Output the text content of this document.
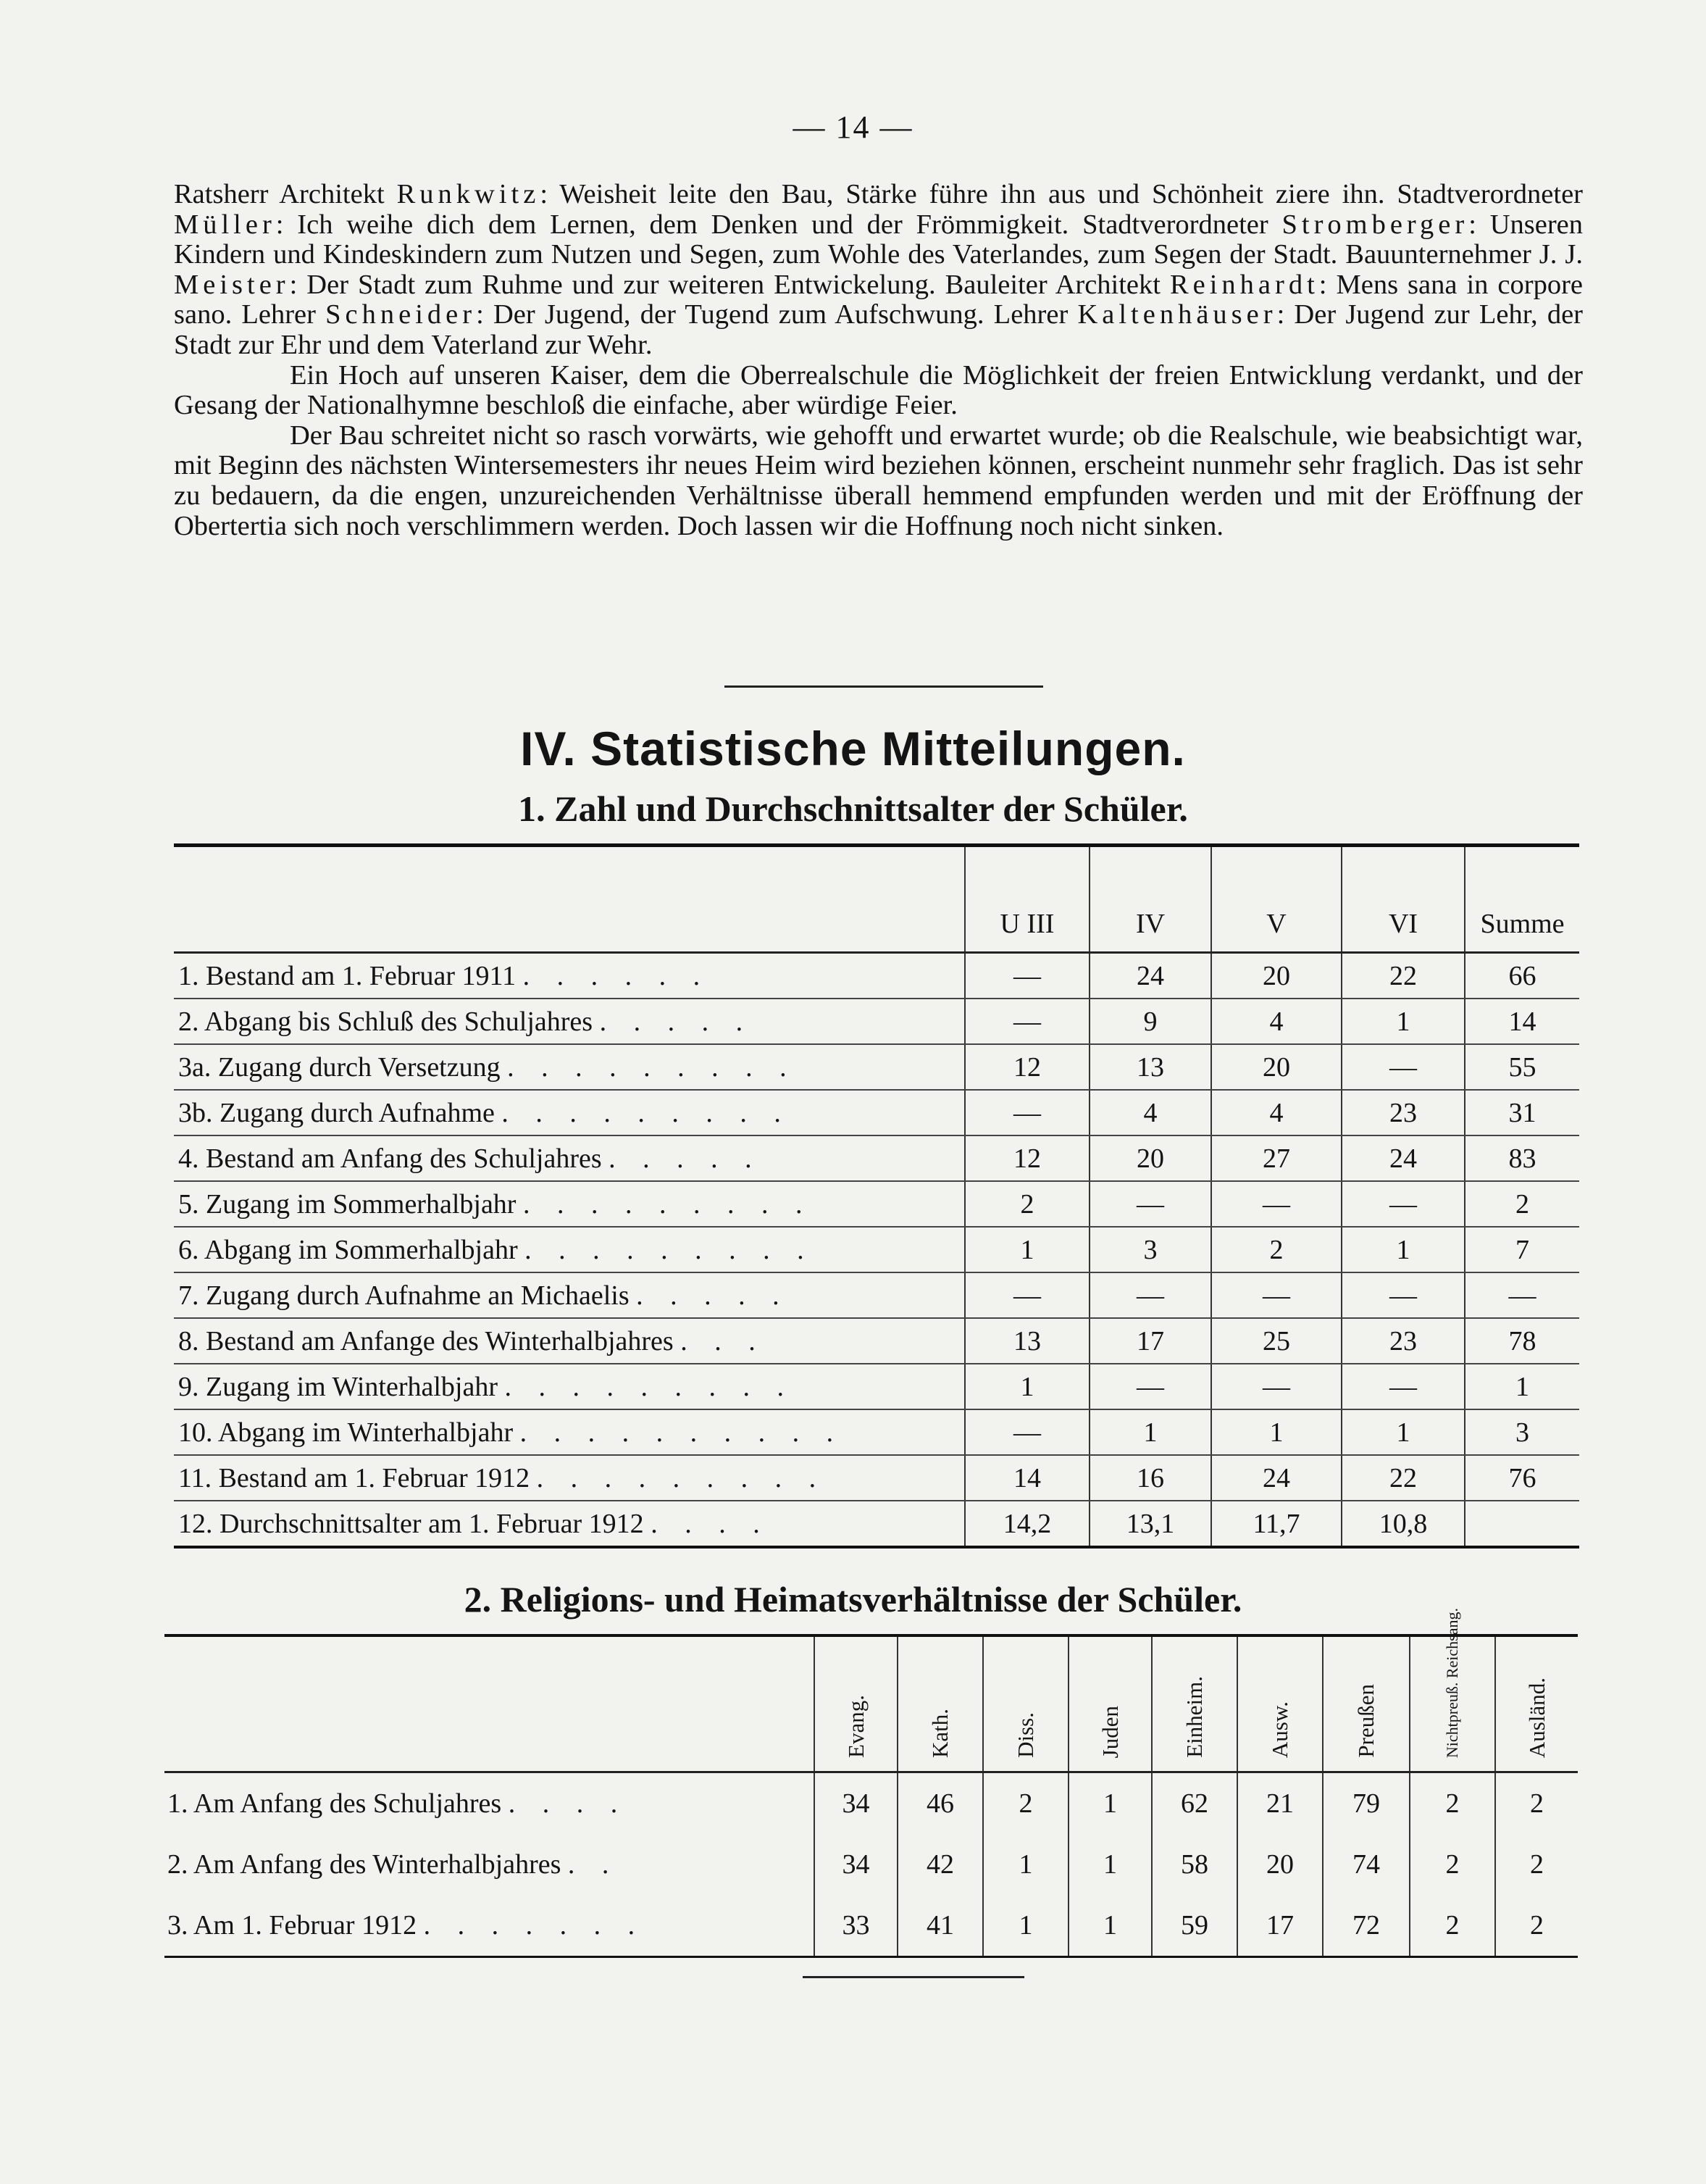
— 14 —

Ratsherr Architekt Runkwitz: Weisheit leite den Bau, Stärke führe ihn aus und Schönheit ziere ihn. Stadtverordneter Müller: Ich weihe dich dem Lernen, dem Denken und der Frömmigkeit. Stadtverordneter Stromberger: Unseren Kindern und Kindeskindern zum Nutzen und Segen, zum Wohle des Vaterlandes, zum Segen der Stadt. Bauunternehmer J. J. Meister: Der Stadt zum Ruhme und zur weiteren Entwickelung. Bauleiter Architekt Reinhardt: Mens sana in corpore sano. Lehrer Schneider: Der Jugend, der Tugend zum Aufschwung. Lehrer Kaltenhäuser: Der Jugend zur Lehr, der Stadt zur Ehr und dem Vaterland zur Wehr.

Ein Hoch auf unseren Kaiser, dem die Oberrealschule die Möglichkeit der freien Entwicklung verdankt, und der Gesang der Nationalhymne beschloß die einfache, aber würdige Feier.

Der Bau schreitet nicht so rasch vorwärts, wie gehofft und erwartet wurde; ob die Realschule, wie beabsichtigt war, mit Beginn des nächsten Wintersemesters ihr neues Heim wird beziehen können, erscheint nunmehr sehr fraglich. Das ist sehr zu bedauern, da die engen, unzureichenden Verhältnisse überall hemmend empfunden werden und mit der Eröffnung der Obertertia sich noch verschlimmern werden. Doch lassen wir die Hoffnung noch nicht sinken.

IV. Statistische Mitteilungen.
1. Zahl und Durchschnittsalter der Schüler.
	U III	IV	V	VI	Summe
1. Bestand am 1. Februar 1911 . . . . . .	—	24	20	22	66
2. Abgang bis Schluß des Schuljahres . . . . .	—	9	4	1	14
3a. Zugang durch Versetzung . . . . . . . . .	12	13	20	—	55
3b. Zugang durch Aufnahme . . . . . . . . .	—	4	4	23	31
4. Bestand am Anfang des Schuljahres . . . . .	12	20	27	24	83
5. Zugang im Sommerhalbjahr . . . . . . . . .	2	—	—	—	2
6. Abgang im Sommerhalbjahr . . . . . . . . .	1	3	2	1	7
7. Zugang durch Aufnahme an Michaelis . . . . .	—	—	—	—	—
8. Bestand am Anfange des Winterhalbjahres . . .	13	17	25	23	78
9. Zugang im Winterhalbjahr . . . . . . . . .	1	—	—	—	1
10. Abgang im Winterhalbjahr . . . . . . . . . .	—	1	1	1	3
11. Bestand am 1. Februar 1912 . . . . . . . . .	14	16	24	22	76
12. Durchschnittsalter am 1. Februar 1912 . . . .	14,2	13,1	11,7	10,8	
2. Religions- und Heimatsverhältnisse der Schüler.

	Evang.	Kath.	Diss.	Juden	Einheim.	Ausw.	Preußen	Nichtpreuß. Reichsang.	Ausländ.

1. Am Anfang des Schuljahres . . . .	34	46	2	1	62	21	79	2	2
2. Am Anfang des Winterhalbjahres . .	34	42	1	1	58	20	74	2	2
3. Am 1. Februar 1912 . . . . . . .	33	41	1	1	59	17	72	2	2
